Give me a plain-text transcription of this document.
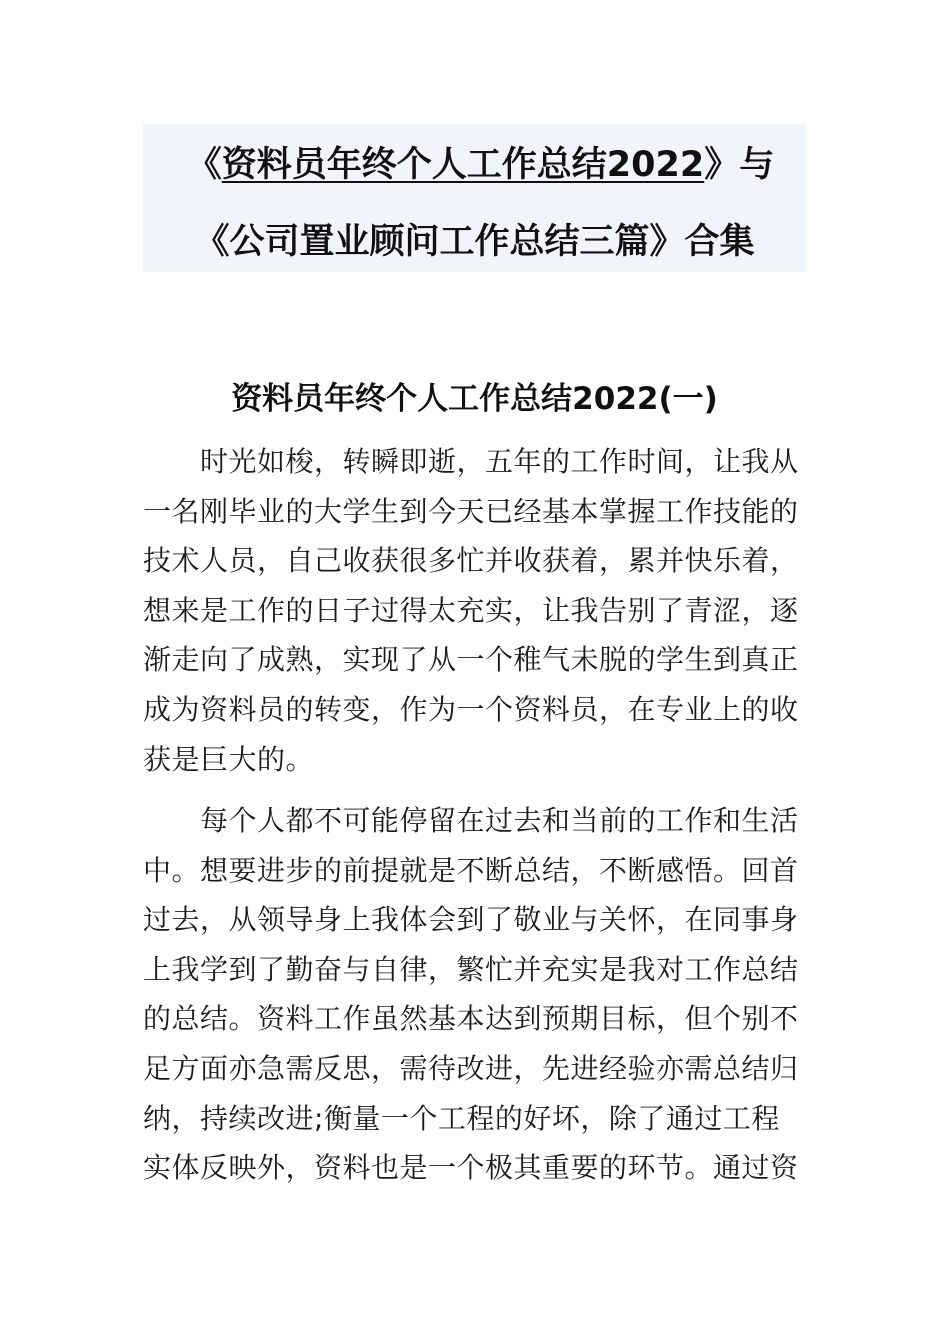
《资料员年终个人工作总结2022》与
《公司置业顾问工作总结三篇》合集
资料员年终个人工作总结2022(一)
时光如梭，转瞬即逝，五年的工作时间，让我从
一名刚毕业的大学生到今天已经基本掌握工作技能的
技术人员，自己收获很多忙并收获着，累并快乐着，
想来是工作的日子过得太充实，让我告别了青涩，逐
渐走向了成熟，实现了从一个稚气未脱的学生到真正
成为资料员的转变，作为一个资料员，在专业上的收
获是巨大的。
每个人都不可能停留在过去和当前的工作和生活
中。想要进步的前提就是不断总结，不断感悟。回首
过去，从领导身上我体会到了敬业与关怀，在同事身
上我学到了勤奋与自律，繁忙并充实是我对工作总结
的总结。资料工作虽然基本达到预期目标，但个别不
足方面亦急需反思，需待改进，先进经验亦需总结归
纳，持续改进;衡量一个工程的好坏，除了通过工程
实体反映外，资料也是一个极其重要的环节。通过资
